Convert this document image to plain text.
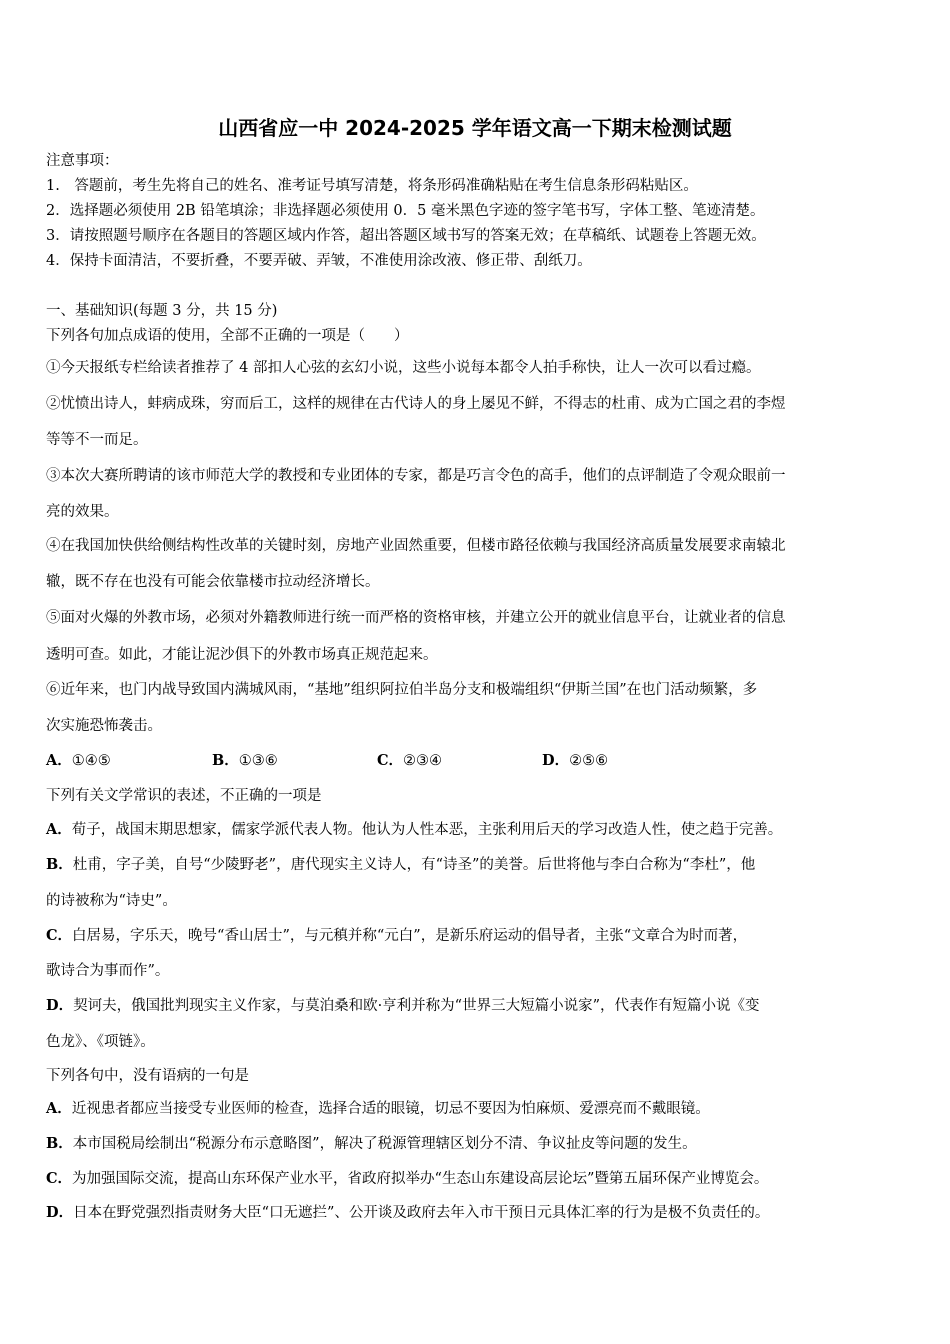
山西省应一中 2024-2025 学年语文高一下期末检测试题
注意事项：
1.　答题前，考生先将自己的姓名、准考证号填写清楚，将条形码准确粘贴在考生信息条形码粘贴区。
2．选择题必须使用 2B 铅笔填涂；非选择题必须使用 0．5 毫米黑色字迹的签字笔书写，字体工整、笔迹清楚。
3．请按照题号顺序在各题目的答题区域内作答，超出答题区域书写的答案无效；在草稿纸、试题卷上答题无效。
4．保持卡面清洁，不要折叠，不要弄破、弄皱，不准使用涂改液、修正带、刮纸刀。
一、基础知识(每题 3 分，共 15 分)
下列各句加点成语的使用，全部不正确的一项是（　　）
①今天报纸专栏给读者推荐了 4 部扣人心弦的玄幻小说，这些小说每本都令人拍手称快，让人一次可以看过瘾。
②忧愤出诗人，蚌病成珠，穷而后工，这样的规律在古代诗人的身上屡见不鲜，不得志的杜甫、成为亡国之君的李煜
等等不一而足。
③本次大赛所聘请的该市师范大学的教授和专业团体的专家，都是巧言令色的高手，他们的点评制造了令观众眼前一
亮的效果。
④在我国加快供给侧结构性改革的关键时刻，房地产业固然重要，但楼市路径依赖与我国经济高质量发展要求南辕北
辙，既不存在也没有可能会依靠楼市拉动经济增长。
⑤面对火爆的外教市场，必须对外籍教师进行统一而严格的资格审核，并建立公开的就业信息平台，让就业者的信息
透明可查。如此，才能让泥沙俱下的外教市场真正规范起来。
⑥近年来，也门内战导致国内满城风雨，“基地”组织阿拉伯半岛分支和极端组织“伊斯兰国”在也门活动频繁，多
次实施恐怖袭击。
A．①④⑤	B．①③⑥	C．②③④	D．②⑤⑥
下列有关文学常识的表述，不正确的一项是
A．荀子，战国末期思想家，儒家学派代表人物。他认为人性本恶，主张利用后天的学习改造人性，使之趋于完善。
B．杜甫，字子美，自号“少陵野老”，唐代现实主义诗人，有“诗圣”的美誉。后世将他与李白合称为“李杜”，他
的诗被称为“诗史”。
C．白居易，字乐天，晚号“香山居士”，与元稹并称“元白”，是新乐府运动的倡导者，主张“文章合为时而著，
歌诗合为事而作”。
D．契诃夫，俄国批判现实主义作家，与莫泊桑和欧·亨利并称为“世界三大短篇小说家”，代表作有短篇小说《变
色龙》、《项链》。
下列各句中，没有语病的一句是
A．近视患者都应当接受专业医师的检查，选择合适的眼镜，切忌不要因为怕麻烦、爱漂亮而不戴眼镜。
B．本市国税局绘制出“税源分布示意略图”，解决了税源管理辖区划分不清、争议扯皮等问题的发生。
C．为加强国际交流，提高山东环保产业水平，省政府拟举办“生态山东建设高层论坛”暨第五届环保产业博览会。
D．日本在野党强烈指责财务大臣“口无遮拦”、公开谈及政府去年入市干预日元具体汇率的行为是极不负责任的。
